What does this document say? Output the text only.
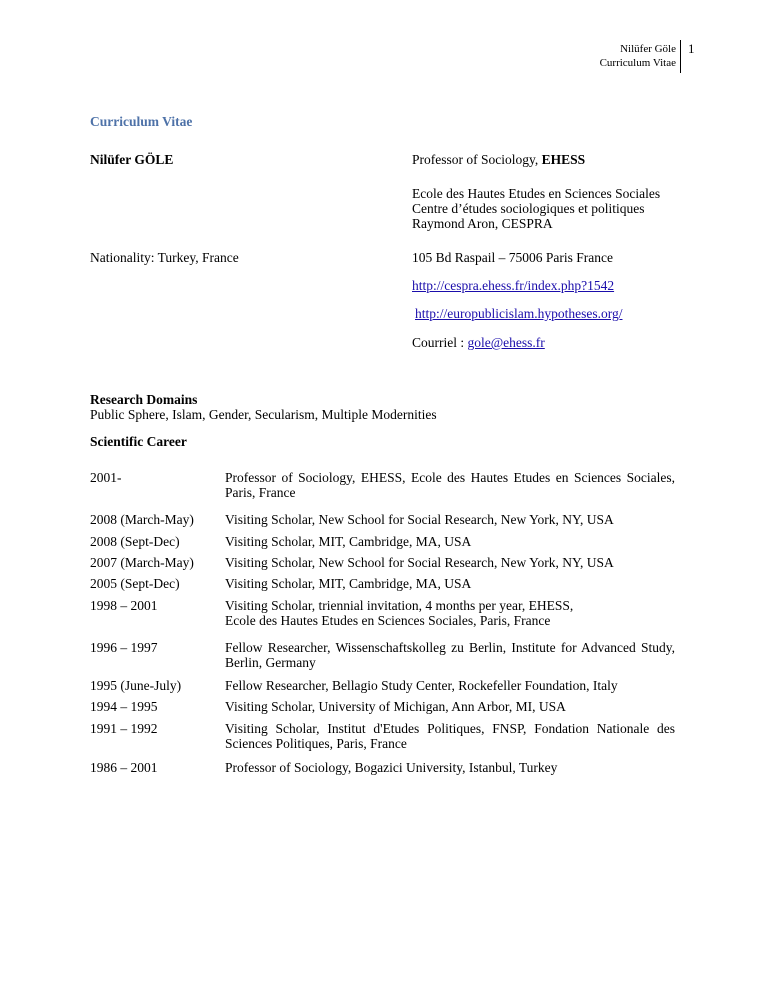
Nilüfer Göle
Curriculum Vitae
1
Curriculum Vitae
Nilüfer GÖLE	Professor of Sociology, EHESS
Ecole des Hautes Etudes en Sciences Sociales
Centre d’études sociologiques et politiques
Raymond Aron, CESPRA
Nationality: Turkey, France	105 Bd Raspail – 75006 Paris France
http://cespra.ehess.fr/index.php?1542
http://europublicislam.hypotheses.org/
Courriel : gole@ehess.fr
Research Domains
Public Sphere, Islam, Gender, Secularism, Multiple Modernities
Scientific Career
2001-	Professor of Sociology, EHESS, Ecole des Hautes Etudes en Sciences Sociales, Paris, France
2008 (March-May)	Visiting Scholar, New School for Social Research, New York, NY, USA
2008 (Sept-Dec)	Visiting Scholar, MIT, Cambridge, MA, USA
2007 (March-May)	Visiting Scholar, New School for Social Research, New York, NY, USA
2005 (Sept-Dec)	Visiting Scholar, MIT, Cambridge, MA, USA
1998 – 2001	Visiting Scholar, triennial invitation, 4 months per year, EHESS,
Ecole des Hautes Etudes en Sciences Sociales, Paris, France
1996 – 1997	Fellow Researcher, Wissenschaftskolleg zu Berlin, Institute for Advanced Study, Berlin, Germany
1995 (June-July)	Fellow Researcher, Bellagio Study Center, Rockefeller Foundation, Italy
1994 – 1995	Visiting Scholar, University of Michigan, Ann Arbor, MI, USA
1991 – 1992	Visiting Scholar, Institut d'Etudes Politiques, FNSP, Fondation Nationale des Sciences Politiques, Paris, France
1986 – 2001	Professor of Sociology, Bogazici University, Istanbul, Turkey
